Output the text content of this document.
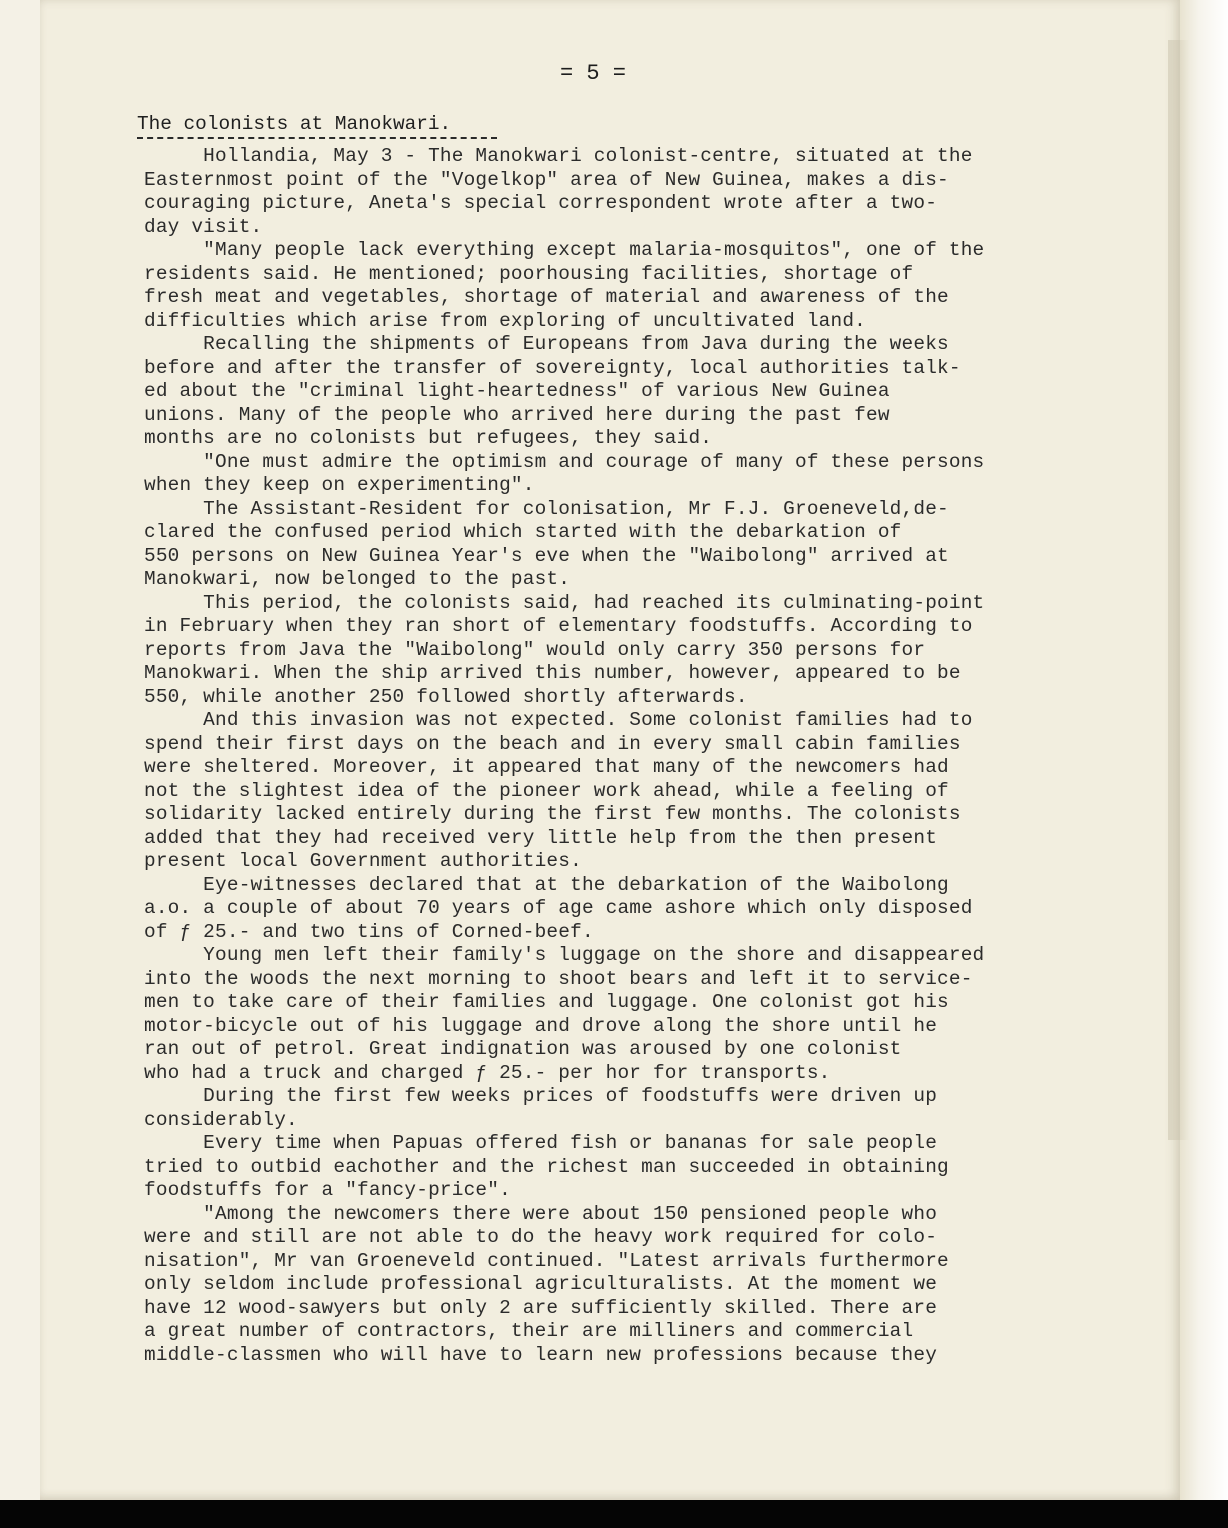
= 5 =
The colonists at Manokwari.
Hollandia, May 3 - The Manokwari colonist-centre, situated at the
Easternmost point of the "Vogelkop" area of New Guinea, makes a dis-
couraging picture, Aneta's special correspondent wrote after a two-
day visit.
"Many people lack everything except malaria-mosquitos", one of the
residents said. He mentioned; poorhousing facilities, shortage of
fresh meat and vegetables, shortage of material and awareness of the
difficulties which arise from exploring of uncultivated land.
Recalling the shipments of Europeans from Java during the weeks
before and after the transfer of sovereignty, local authorities talk-
ed about the "criminal light-heartedness" of various New Guinea
unions. Many of the people who arrived here during the past few
months are no colonists but refugees, they said.
"One must admire the optimism and courage of many of these persons
when they keep on experimenting".
The Assistant-Resident for colonisation, Mr F.J. Groeneveld,de-
clared the confused period which started with the debarkation of
550 persons on New Guinea Year's eve when the "Waibolong" arrived at
Manokwari, now belonged to the past.
This period, the colonists said, had reached its culminating-point
in February when they ran short of elementary foodstuffs. According to
reports from Java the "Waibolong" would only carry 350 persons for
Manokwari. When the ship arrived this number, however, appeared to be
550, while another 250 followed shortly afterwards.
And this invasion was not expected. Some colonist families had to
spend their first days on the beach and in every small cabin families
were sheltered. Moreover, it appeared that many of the newcomers had
not the slightest idea of the pioneer work ahead, while a feeling of
solidarity lacked entirely during the first few months. The colonists
added that they had received very little help from the then present
present local Government authorities.
Eye-witnesses declared that at the debarkation of the Waibolong
a.o. a couple of about 70 years of age came ashore which only disposed
of ƒ 25.- and two tins of Corned-beef.
Young men left their family's luggage on the shore and disappeared
into the woods the next morning to shoot bears and left it to service-
men to take care of their families and luggage. One colonist got his
motor-bicycle out of his luggage and drove along the shore until he
ran out of petrol. Great indignation was aroused by one colonist
who had a truck and charged ƒ 25.- per hor for transports.
During the first few weeks prices of foodstuffs were driven up
considerably.
Every time when Papuas offered fish or bananas for sale people
tried to outbid eachother and the richest man succeeded in obtaining
foodstuffs for a "fancy-price".
"Among the newcomers there were about 150 pensioned people who
were and still are not able to do the heavy work required for colo-
nisation", Mr van Groeneveld continued. "Latest arrivals furthermore
only seldom include professional agriculturalists. At the moment we
have 12 wood-sawyers but only 2 are sufficiently skilled. There are
a great number of contractors, their are milliners and commercial
middle-classmen who will have to learn new professions because they
